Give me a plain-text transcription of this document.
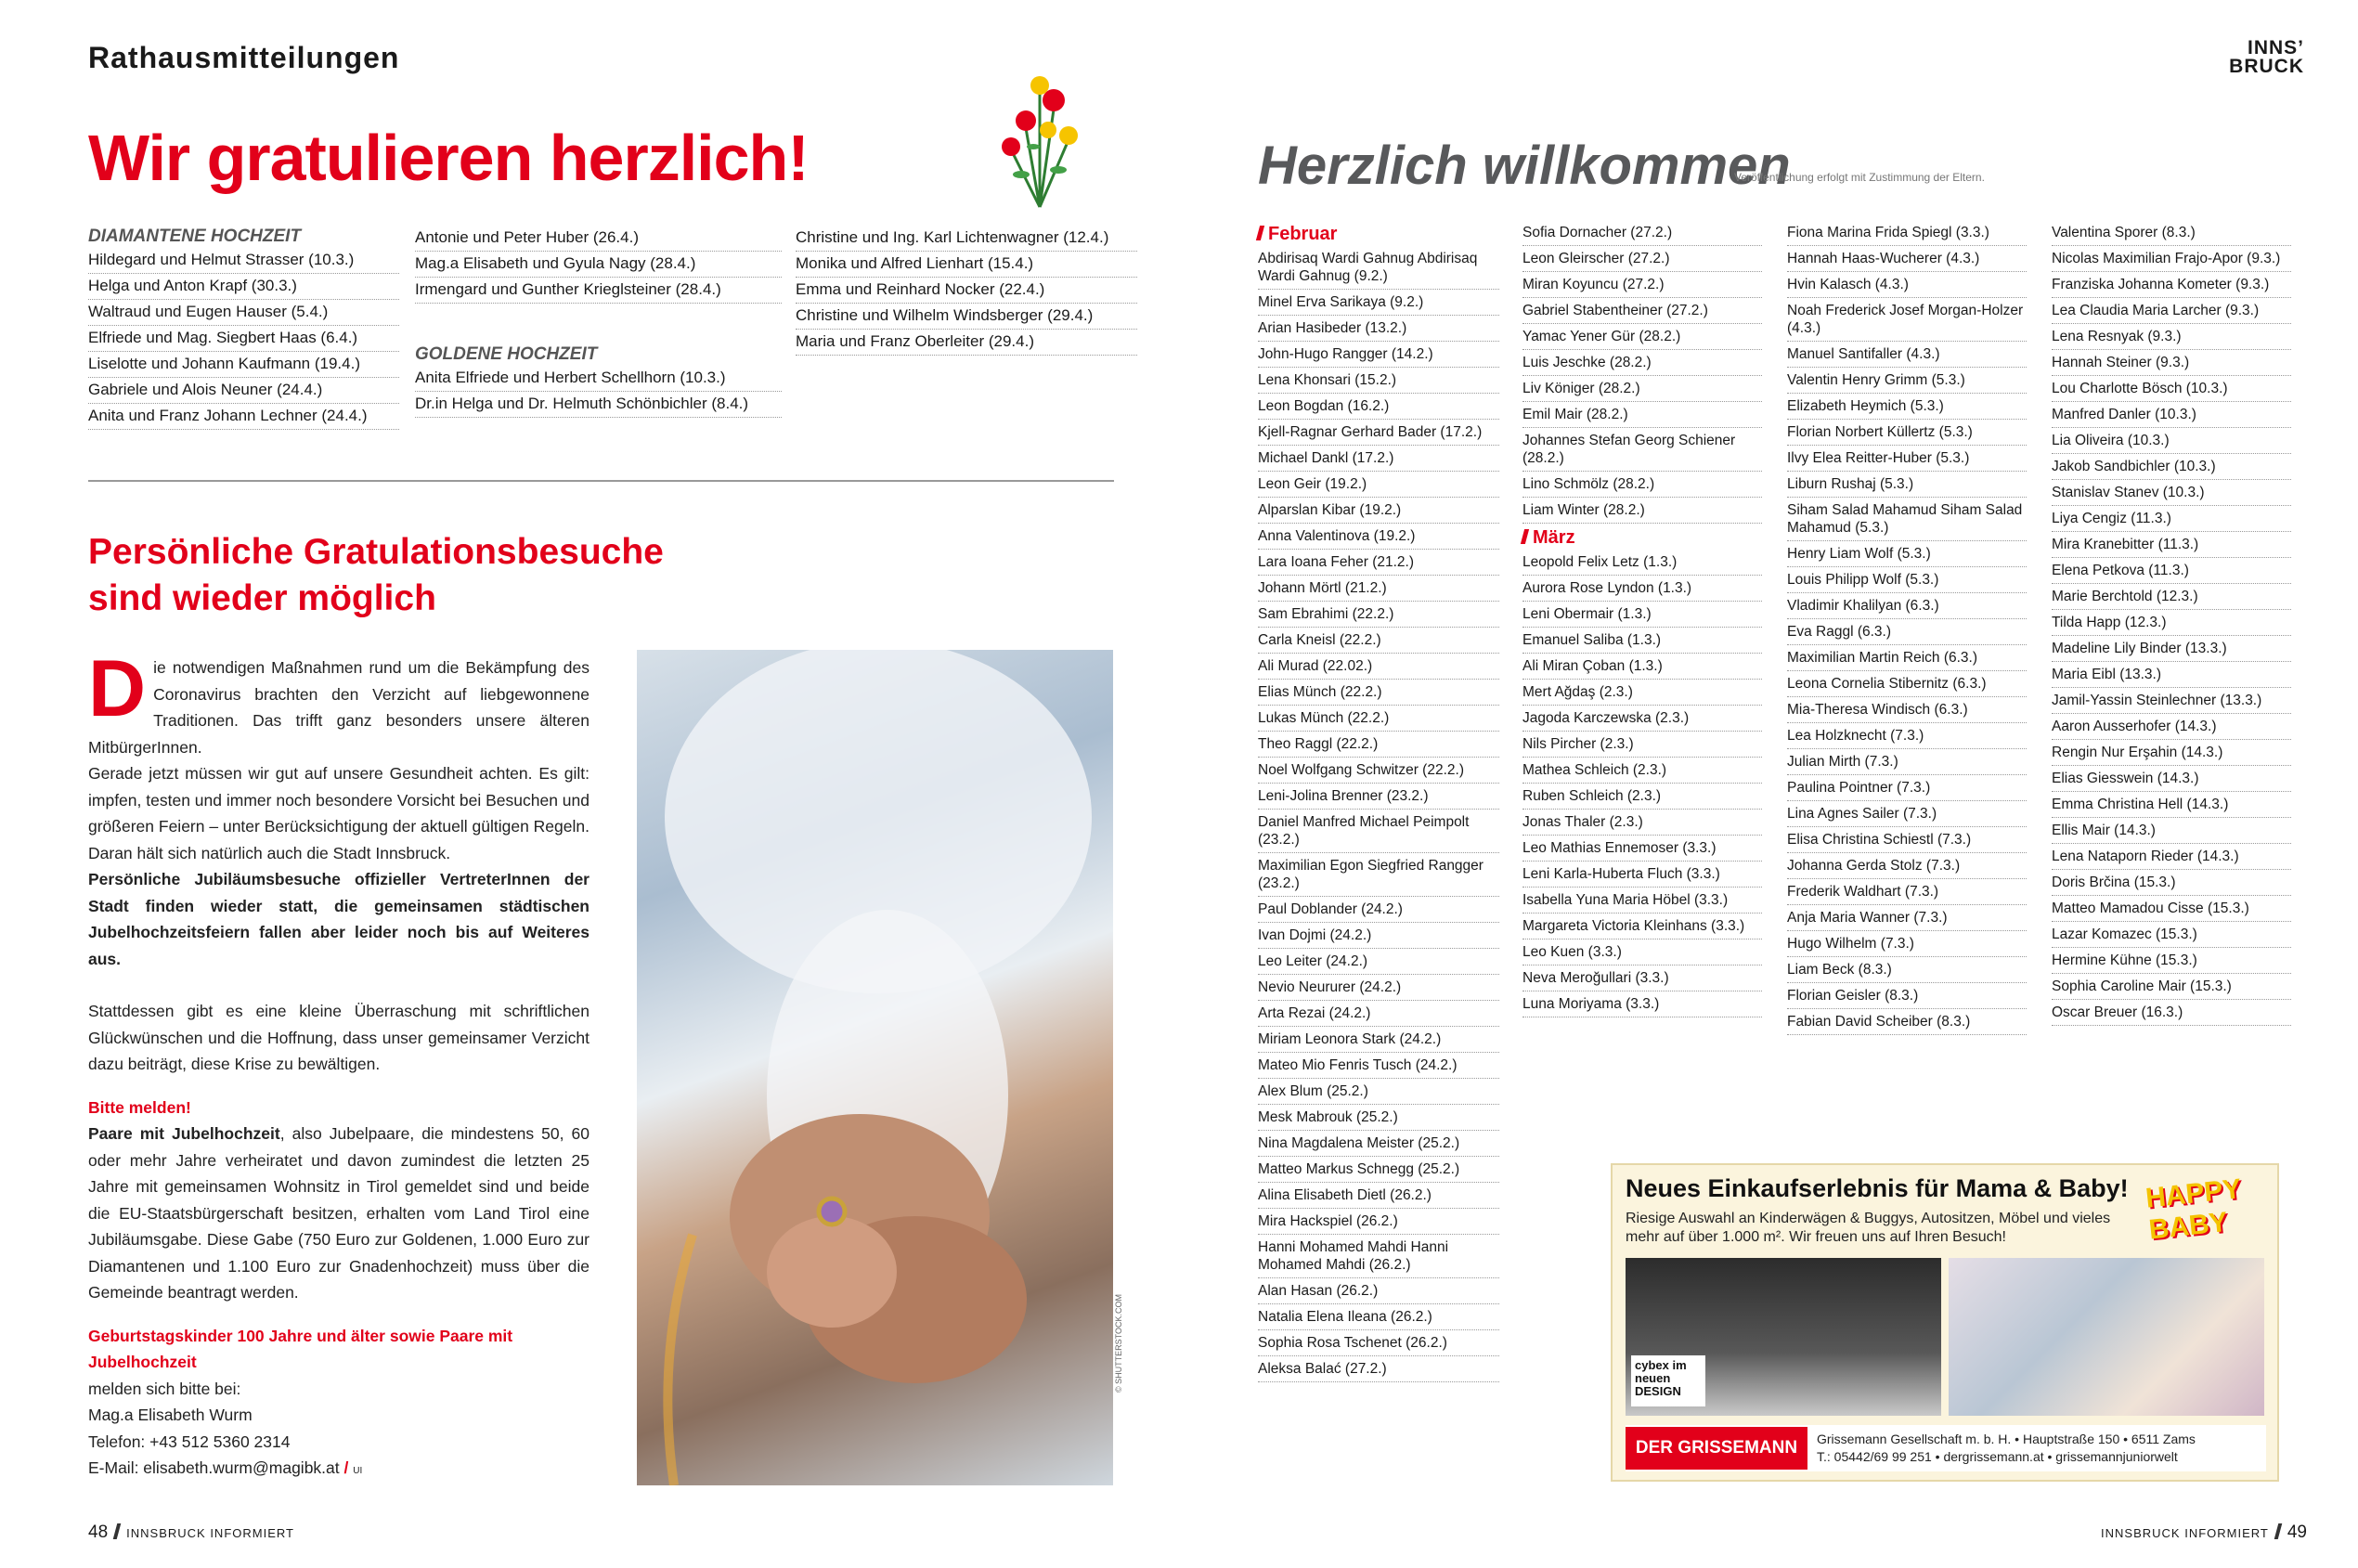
Rathausmitteilungen	INNS’
BRUCK
Wir gratulieren herzlich!
DIAMANTENE HOCHZEIT
Hildegard und Helmut Strasser (10.3.)
Helga und Anton Krapf (30.3.)
Waltraud und Eugen Hauser (5.4.)
Elfriede und Mag. Siegbert Haas (6.4.)
Liselotte und Johann Kaufmann (19.4.)
Gabriele und Alois Neuner (24.4.)
Anita und Franz Johann Lechner (24.4.)
Antonie und Peter Huber (26.4.)
Mag.a Elisabeth und Gyula Nagy (28.4.)
Irmengard und Gunther Krieglsteiner (28.4.)
GOLDENE HOCHZEIT
Anita Elfriede und Herbert Schellhorn (10.3.)
Dr.in Helga und Dr. Helmuth Schönbichler (8.4.)
Christine und Ing. Karl Lichtenwagner (12.4.)
Monika und Alfred Lienhart (15.4.)
Emma und Reinhard Nocker (22.4.)
Christine und Wilhelm Windsberger (29.4.)
Maria und Franz Oberleiter (29.4.)
Persönliche Gratulationsbesuche
sind wieder möglich

Die notwendigen Maßnahmen rund um die Bekämpfung des Coronavirus brachten den Verzicht auf liebgewonnene Traditionen. Das trifft ganz besonders unsere älteren MitbürgerInnen.

Gerade jetzt müssen wir gut auf unsere Gesundheit achten. Es gilt: impfen, testen und immer noch besondere Vorsicht bei Besuchen und größeren Feiern – unter Berücksichtigung der aktuell gültigen Regeln. Daran hält sich natürlich auch die Stadt Innsbruck.

Persönliche Jubiläumsbesuche offizieller VertreterInnen der Stadt finden wieder statt, die gemeinsamen städtischen Jubelhochzeitsfeiern fallen aber leider noch bis auf Weiteres aus.

Stattdessen gibt es eine kleine Überraschung mit schriftlichen Glückwünschen und die Hoffnung, dass unser gemeinsamer Verzicht dazu beiträgt, diese Krise zu bewältigen.

Bitte melden!

Paare mit Jubelhochzeit, also Jubelpaare, die mindestens 50, 60 oder mehr Jahre verheiratet und davon zumindest die letzten 25 Jahre mit gemeinsamen Wohnsitz in Tirol gemeldet sind und beide die EU-Staatsbürgerschaft besitzen, erhalten vom Land Tirol eine Jubiläumsgabe. Diese Gabe (750 Euro zur Goldenen, 1.000 Euro zur Diamantenen und 1.100 Euro zur Gnadenhochzeit) muss über die Gemeinde beantragt werden.

Geburtstagskinder 100 Jahre und älter sowie Paare mit Jubelhochzeit

melden sich bitte bei:

Mag.a Elisabeth Wurm

Telefon: +43 512 5360 2314

E-Mail: elisabeth.wurm@magibk.at / UI

© SHUTTERSTOCK.COM
Herzlich willkommen
Veröffentlichung erfolgt mit Zustimmung der Eltern.
Februar
Abdirisaq Wardi Gahnug Abdirisaq Wardi Gahnug (9.2.)
Minel Erva Sarikaya (9.2.)
Arian Hasibeder (13.2.)
John-Hugo Rangger (14.2.)
Lena Khonsari (15.2.)
Leon Bogdan (16.2.)
Kjell-Ragnar Gerhard Bader (17.2.)
Michael Dankl (17.2.)
Leon Geir (19.2.)
Alparslan Kibar (19.2.)
Anna Valentinova (19.2.)
Lara Ioana Feher (21.2.)
Johann Mörtl (21.2.)
Sam Ebrahimi (22.2.)
Carla Kneisl (22.2.)
Ali Murad (22.02.)
Elias Münch (22.2.)
Lukas Münch (22.2.)
Theo Raggl (22.2.)
Noel Wolfgang Schwitzer (22.2.)
Leni-Jolina Brenner (23.2.)
Daniel Manfred Michael Peimpolt (23.2.)
Maximilian Egon Siegfried Rangger (23.2.)
Paul Doblander (24.2.)
Ivan Dojmi (24.2.)
Leo Leiter (24.2.)
Nevio Neururer (24.2.)
Arta Rezai (24.2.)
Miriam Leonora Stark (24.2.)
Mateo Mio Fenris Tusch (24.2.)
Alex Blum (25.2.)
Mesk Mabrouk (25.2.)
Nina Magdalena Meister (25.2.)
Matteo Markus Schnegg (25.2.)
Alina Elisabeth Dietl (26.2.)
Mira Hackspiel (26.2.)
Hanni Mohamed Mahdi Hanni Mohamed Mahdi (26.2.)
Alan Hasan (26.2.)
Natalia Elena Ileana (26.2.)
Sophia Rosa Tschenet (26.2.)
Aleksa Balać (27.2.)
Sofia Dornacher (27.2.)
Leon Gleirscher (27.2.)
Miran Koyuncu (27.2.)
Gabriel Stabentheiner (27.2.)
Yamac Yener Gür (28.2.)
Luis Jeschke (28.2.)
Liv Königer (28.2.)
Emil Mair (28.2.)
Johannes Stefan Georg Schiener (28.2.)
Lino Schmölz (28.2.)
Liam Winter (28.2.)
März
Leopold Felix Letz (1.3.)
Aurora Rose Lyndon (1.3.)
Leni Obermair (1.3.)
Emanuel Saliba (1.3.)
Ali Miran Çoban (1.3.)
Mert Ağdaş (2.3.)
Jagoda Karczewska (2.3.)
Nils Pircher (2.3.)
Mathea Schleich (2.3.)
Ruben Schleich (2.3.)
Jonas Thaler (2.3.)
Leo Mathias Ennemoser (3.3.)
Leni Karla-Huberta Fluch (3.3.)
Isabella Yuna Maria Höbel (3.3.)
Margareta Victoria Kleinhans (3.3.)
Leo Kuen (3.3.)
Neva Meroğullari (3.3.)
Luna Moriyama (3.3.)
Fiona Marina Frida Spiegl (3.3.)
Hannah Haas-Wucherer (4.3.)
Hvin Kalasch (4.3.)
Noah Frederick Josef Morgan-Holzer (4.3.)
Manuel Santifaller (4.3.)
Valentin Henry Grimm (5.3.)
Elizabeth Heymich (5.3.)
Florian Norbert Küllertz (5.3.)
Ilvy Elea Reitter-Huber (5.3.)
Liburn Rushaj (5.3.)
Siham Salad Mahamud Siham Salad Mahamud (5.3.)
Henry Liam Wolf (5.3.)
Louis Philipp Wolf (5.3.)
Vladimir Khalilyan (6.3.)
Eva Raggl (6.3.)
Maximilian Martin Reich (6.3.)
Leona Cornelia Stibernitz (6.3.)
Mia-Theresa Windisch (6.3.)
Lea Holzknecht (7.3.)
Julian Mirth (7.3.)
Paulina Pointner (7.3.)
Lina Agnes Sailer (7.3.)
Elisa Christina Schiestl (7.3.)
Johanna Gerda Stolz (7.3.)
Frederik Waldhart (7.3.)
Anja Maria Wanner (7.3.)
Hugo Wilhelm (7.3.)
Liam Beck (8.3.)
Florian Geisler (8.3.)
Fabian David Scheiber (8.3.)
Valentina Sporer (8.3.)
Nicolas Maximilian Frajo-Apor (9.3.)
Franziska Johanna Kometer (9.3.)
Lea Claudia Maria Larcher (9.3.)
Lena Resnyak (9.3.)
Hannah Steiner (9.3.)
Lou Charlotte Bösch (10.3.)
Manfred Danler (10.3.)
Lia Oliveira (10.3.)
Jakob Sandbichler (10.3.)
Stanislav Stanev (10.3.)
Liya Cengiz (11.3.)
Mira Kranebitter (11.3.)
Elena Petkova (11.3.)
Marie Berchtold (12.3.)
Tilda Happ (12.3.)
Madeline Lily Binder (13.3.)
Maria Eibl (13.3.)
Jamil-Yassin Steinlechner (13.3.)
Aaron Ausserhofer (14.3.)
Rengin Nur Erşahin (14.3.)
Elias Giesswein (14.3.)
Emma Christina Hell (14.3.)
Ellis Mair (14.3.)
Lena Nataporn Rieder (14.3.)
Doris Brčina (15.3.)
Matteo Mamadou Cisse (15.3.)
Lazar Komazec (15.3.)
Hermine Kühne (15.3.)
Sophia Caroline Mair (15.3.)
Oscar Breuer (16.3.)
Neues Einkaufserlebnis für Mama & Baby!
Riesige Auswahl an Kinderwägen & Buggys, Autositzen, Möbel und vieles mehr auf über 1.000 m². Wir freuen uns auf Ihren Besuch!
HAPPY BABY
cybex im neuen DESIGN
DER GRISSEMANN	Grissemann Gesellschaft m. b. H. • Hauptstraße 150 • 6511 Zams
T.: 05442/69 99 251 • dergrissemann.at • grissemannjuniorwelt
48 INNSBRUCK INFORMIERT	INNSBRUCK INFORMIERT 49
